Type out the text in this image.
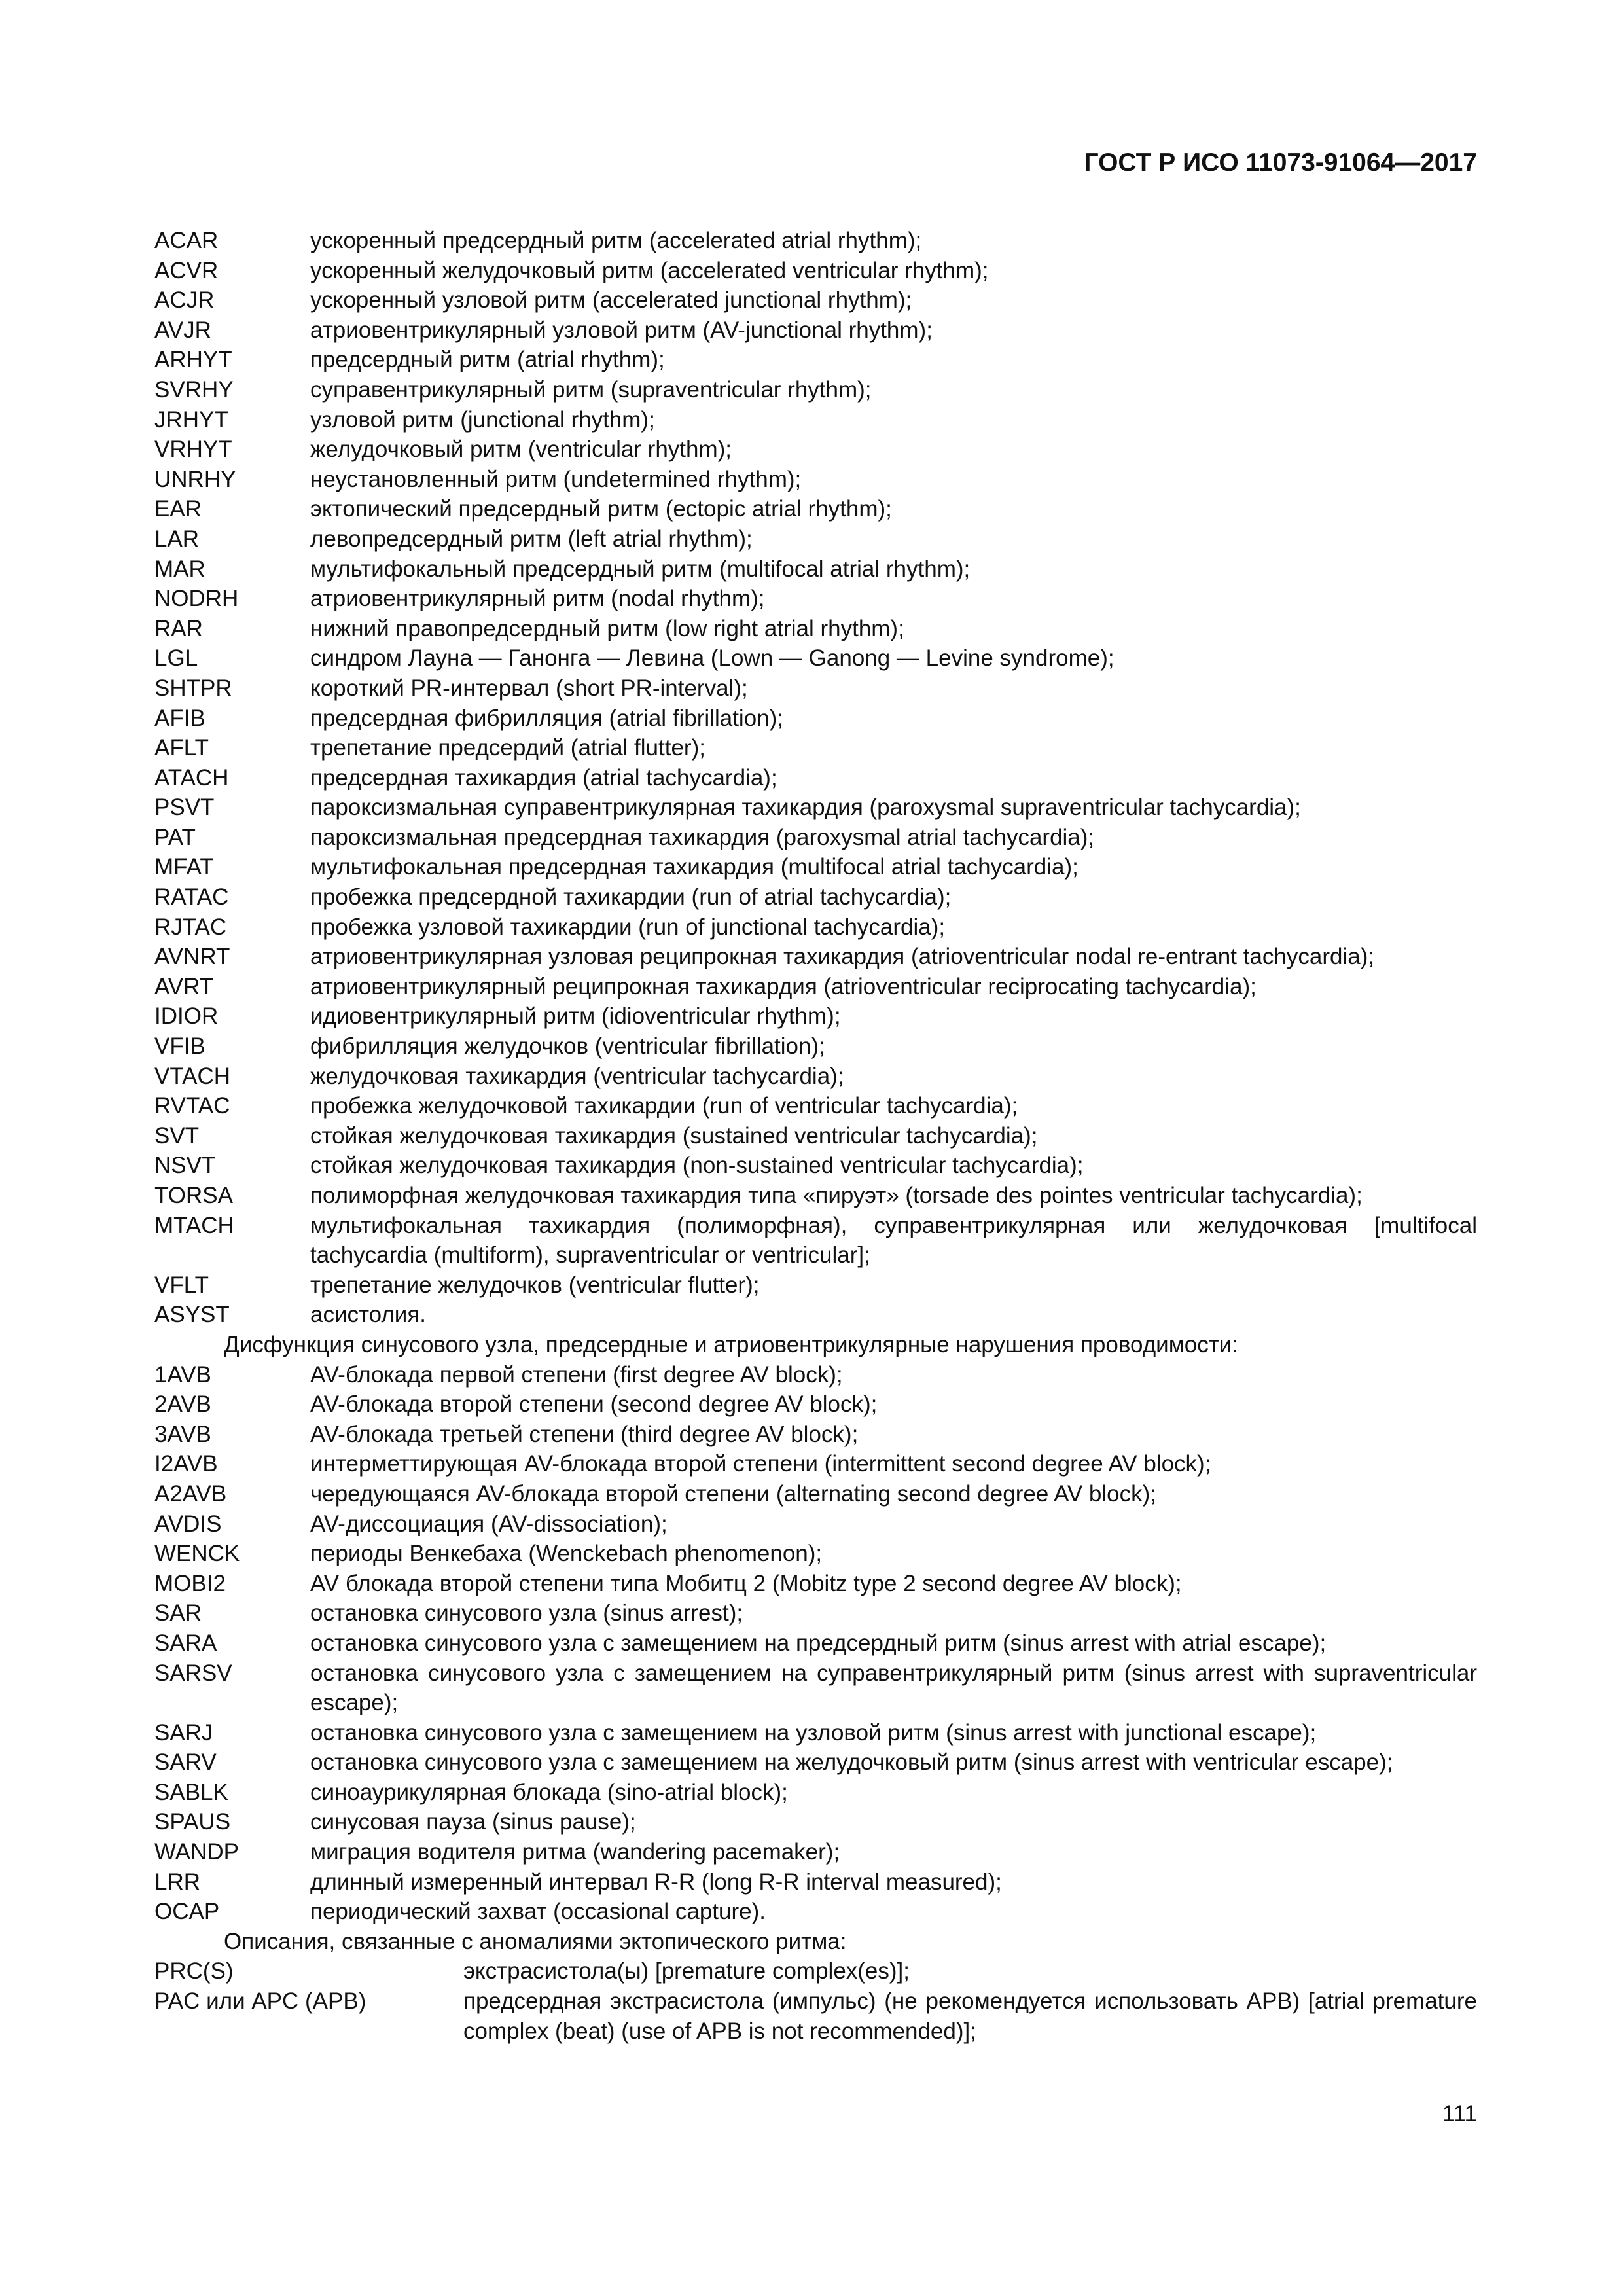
ГОСТ Р ИСО 11073-91064—2017
ACAR	ускоренный предсердный ритм (accelerated atrial rhythm);
ACVR	ускоренный желудочковый ритм (accelerated ventricular rhythm);
ACJR	ускоренный узловой ритм (accelerated junctional rhythm);
AVJR	атриовентрикулярный узловой ритм (AV-junctional rhythm);
ARHYT	предсердный ритм (atrial rhythm);
SVRHY	суправентрикулярный ритм (supraventricular rhythm);
JRHYT	узловой ритм (junctional rhythm);
VRHYT	желудочковый ритм (ventricular rhythm);
UNRHY	неустановленный ритм (undetermined rhythm);
EAR	эктопический предсердный ритм (ectopic atrial rhythm);
LAR	левопредсердный ритм (left atrial rhythm);
MAR	мультифокальный предсердный ритм (multifocal atrial rhythm);
NODRH	атриовентрикулярный ритм (nodal rhythm);
RAR	нижний правопредсердный ритм (low right atrial rhythm);
LGL	синдром Лауна — Ганонга — Левина (Lown — Ganong — Levine syndrome);
SHTPR	короткий PR-интервал (short PR-interval);
AFIB	предсердная фибрилляция (atrial fibrillation);
AFLT	трепетание предсердий (atrial flutter);
ATACH	предсердная тахикардия (atrial tachycardia);
PSVT	пароксизмальная суправентрикулярная тахикардия (paroxysmal supraventricular tachycardia);
PAT	пароксизмальная предсердная тахикардия (paroxysmal atrial tachycardia);
MFAT	мультифокальная предсердная тахикардия (multifocal atrial tachycardia);
RATAC	пробежка предсердной тахикардии (run of atrial tachycardia);
RJTAC	пробежка узловой тахикардии (run of junctional tachycardia);
AVNRT	атриовентрикулярная узловая реципрокная тахикардия (atrioventricular nodal re-entrant tachycardia);
AVRT	атриовентрикулярный реципрокная тахикардия (atrioventricular reciprocating tachycardia);
IDIOR	идиовентрикулярный ритм (idioventricular rhythm);
VFIB	фибрилляция желудочков (ventricular fibrillation);
VTACH	желудочковая тахикардия (ventricular tachycardia);
RVTAC	пробежка желудочковой тахикардии (run of ventricular tachycardia);
SVT	стойкая желудочковая тахикардия (sustained ventricular tachycardia);
NSVT	стойкая желудочковая тахикардия (non-sustained ventricular tachycardia);
TORSA	полиморфная желудочковая тахикардия типа «пируэт» (torsade des pointes ventricular tachycardia);
MTACH	мультифокальная тахикардия (полиморфная), суправентрикулярная или желудочковая [multifocal tachycardia (multiform), supraventricular or ventricular];
VFLT	трепетание желудочков (ventricular flutter);
ASYST	асистолия.
Дисфункция синусового узла, предсердные и атриовентрикулярные нарушения проводимости:
1AVB	AV-блокада первой степени (first degree AV block);
2AVB	AV-блокада второй степени (second degree AV block);
3AVB	AV-блокада третьей степени (third degree AV block);
I2AVB	интерметтирующая AV-блокада второй степени (intermittent second degree AV block);
A2AVB	чередующаяся AV-блокада второй степени (alternating second degree AV block);
AVDIS	AV-диссоциация (AV-dissociation);
WENCK	периоды Венкебаха (Wenckebach phenomenon);
MOBI2	AV блокада второй степени типа Мобитц 2 (Mobitz type 2 second degree AV block);
SAR	остановка синусового узла (sinus arrest);
SARA	остановка синусового узла с замещением на предсердный ритм (sinus arrest with atrial escape);
SARSV	остановка синусового узла с замещением на суправентрикулярный ритм (sinus arrest with supraventricular escape);
SARJ	остановка синусового узла с замещением на узловой ритм (sinus arrest with junctional escape);
SARV	остановка синусового узла с замещением на желудочковый ритм (sinus arrest with ventricular escape);
SABLK	синоаурикулярная блокада (sino-atrial block);
SPAUS	синусовая пауза (sinus pause);
WANDP	миграция водителя ритма (wandering pacemaker);
LRR	длинный измеренный интервал R-R (long R-R interval measured);
OCAP	периодический захват (occasional capture).
Описания, связанные с аномалиями эктопического ритма:
PRC(S)	экстрасистола(ы) [premature complex(es)];
PAC или APC (APB)	предсердная экстрасистола (импульс) (не рекомендуется использовать APB) [atrial premature complex (beat) (use of APB is not recommended)];
111
